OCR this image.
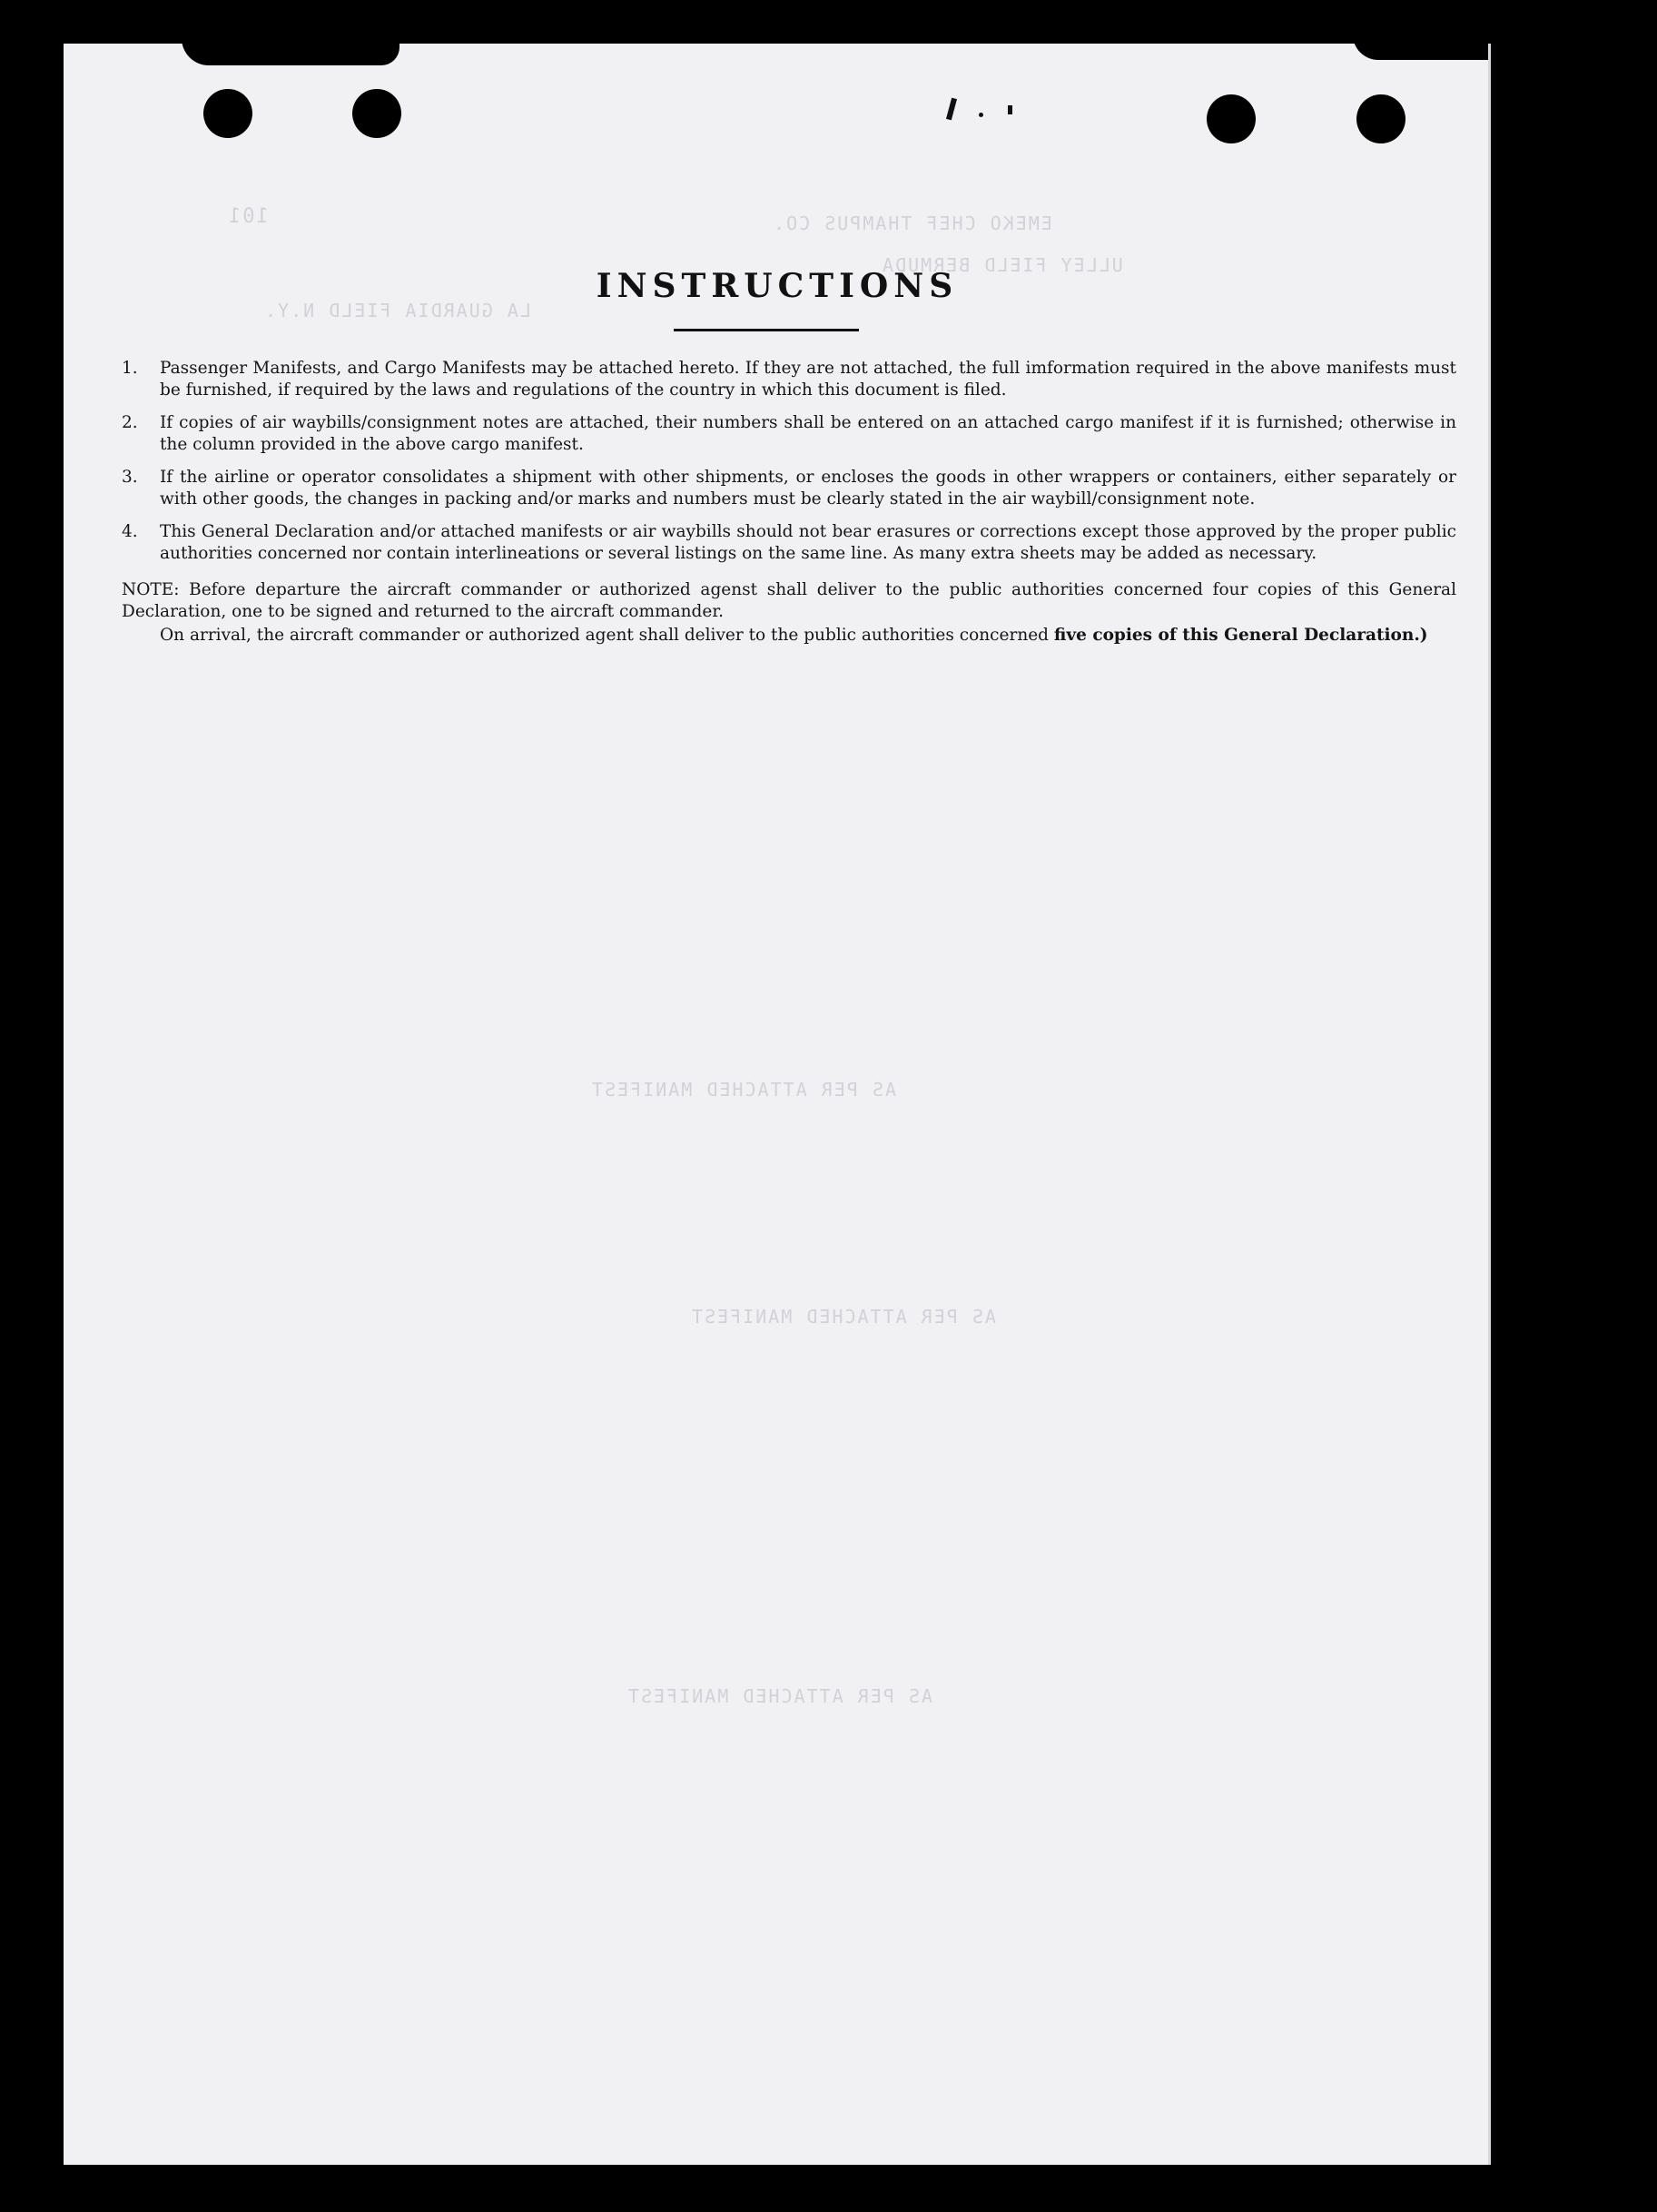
101	EMEKO CHEF THAMPUS CO.
ULLEY FIELD BERMUDA
LA GUARDIA FIELD N.Y.
AS PER ATTACHED MANIFEST
AS PER ATTACHED MANIFEST
AS PER ATTACHED MANIFEST
INSTRUCTIONS
1. Passenger Manifests, and Cargo Manifests may be attached hereto. If they are not attached, the full imformation required in the above manifests must be furnished, if required by the laws and regulations of the country in which this document is filed.
2. If copies of air waybills/consignment notes are attached, their numbers shall be entered on an attached cargo manifest if it is furnished; otherwise in the column provided in the above cargo manifest.
3. If the airline or operator consolidates a shipment with other shipments, or encloses the goods in other wrappers or containers, either separately or with other goods, the changes in packing and/or marks and numbers must be clearly stated in the air waybill/consignment note.
4. This General Declaration and/or attached manifests or air waybills should not bear erasures or corrections except those approved by the proper public authorities concerned nor contain interlineations or several listings on the same line. As many extra sheets may be added as necessary.
NOTE: Before departure the aircraft commander or authorized agenst shall deliver to the public authorities concerned four copies of this General Declaration, one to be signed and returned to the aircraft commander.
On arrival, the aircraft commander or authorized agent shall deliver to the public authorities concerned five copies of this General Declaration.)
